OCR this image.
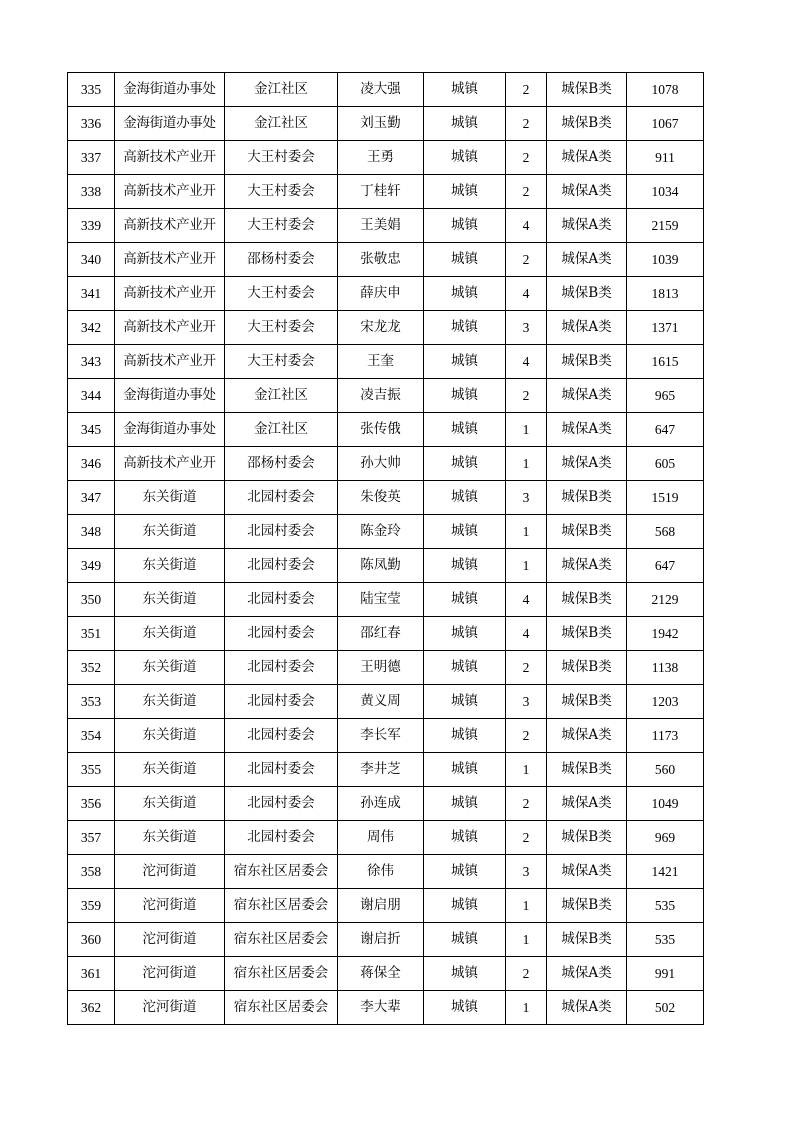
335	金海街道办事处	金江社区	凌大强	城镇	2	城保B类	1078
336	金海街道办事处	金江社区	刘玉勤	城镇	2	城保B类	1067
337	高新技术产业开	大王村委会	王勇	城镇	2	城保A类	911
338	高新技术产业开	大王村委会	丁桂轩	城镇	2	城保A类	1034
339	高新技术产业开	大王村委会	王美娟	城镇	4	城保A类	2159
340	高新技术产业开	邵杨村委会	张敬忠	城镇	2	城保A类	1039
341	高新技术产业开	大王村委会	薛庆申	城镇	4	城保B类	1813
342	高新技术产业开	大王村委会	宋龙龙	城镇	3	城保A类	1371
343	高新技术产业开	大王村委会	王奎	城镇	4	城保B类	1615
344	金海街道办事处	金江社区	凌吉振	城镇	2	城保A类	965
345	金海街道办事处	金江社区	张传俄	城镇	1	城保A类	647
346	高新技术产业开	邵杨村委会	孙大帅	城镇	1	城保A类	605
347	东关街道	北园村委会	朱俊英	城镇	3	城保B类	1519
348	东关街道	北园村委会	陈金玲	城镇	1	城保B类	568
349	东关街道	北园村委会	陈凤勤	城镇	1	城保A类	647
350	东关街道	北园村委会	陆宝莹	城镇	4	城保B类	2129
351	东关街道	北园村委会	邵红春	城镇	4	城保B类	1942
352	东关街道	北园村委会	王明德	城镇	2	城保B类	1138
353	东关街道	北园村委会	黄义周	城镇	3	城保B类	1203
354	东关街道	北园村委会	李长军	城镇	2	城保A类	1173
355	东关街道	北园村委会	李井芝	城镇	1	城保B类	560
356	东关街道	北园村委会	孙连成	城镇	2	城保A类	1049
357	东关街道	北园村委会	周伟	城镇	2	城保B类	969
358	沱河街道	宿东社区居委会	徐伟	城镇	3	城保A类	1421
359	沱河街道	宿东社区居委会	谢启朋	城镇	1	城保B类	535
360	沱河街道	宿东社区居委会	谢启折	城镇	1	城保B类	535
361	沱河街道	宿东社区居委会	蒋保全	城镇	2	城保A类	991
362	沱河街道	宿东社区居委会	李大辈	城镇	1	城保A类	502
